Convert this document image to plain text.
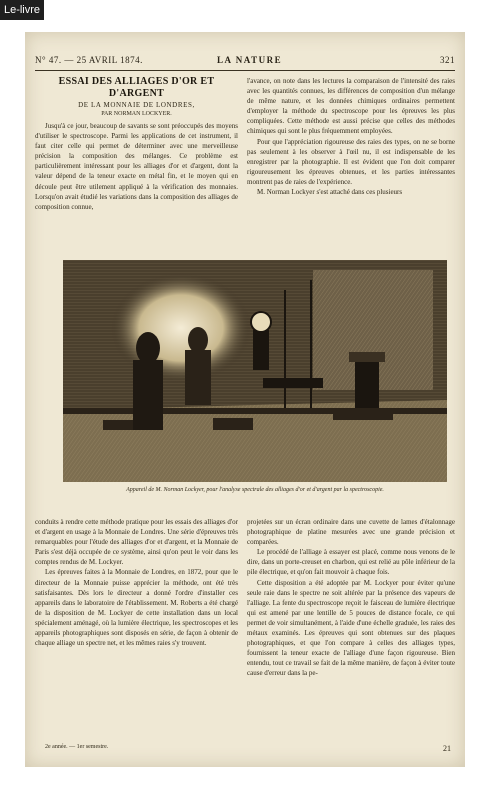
Le-livre
N° 47. — 25 AVRIL 1874.	LA NATURE	321
ESSAI DES ALLIAGES D'OR ET D'ARGENT
DE LA MONNAIE DE LONDRES,
PAR NORMAN LOCKYER.

Jusqu'à ce jour, beaucoup de savants se sont préoccupés des moyens d'utiliser le spectroscope. Parmi les applications de cet instrument, il faut citer celle qui permet de déterminer avec une merveilleuse précision la composition des mélanges. Ce problème est particulièrement intéressant pour les alliages d'or et d'argent, dont la valeur dépend de la teneur exacte en métal fin, et le moyen qui en découle peut être utilement appliqué à la vérification des monnaies. Lorsqu'on avait étudié les variations dans la composition des alliages de composition connue,

l'avance, on note dans les lectures la comparaison de l'intensité des raies avec les quantités connues, les différences de composition d'un mélange de même nature, et les données chimiques ordinaires permettent d'employer la méthode du spectroscope pour les épreuves les plus compliquées. Cette méthode est aussi précise que celles des méthodes chimiques qui sont le plus fréquemment employées.

Pour que l'appréciation rigoureuse des raies des types, on ne se borne pas seulement à les observer à l'œil nu, il est indispensable de les enregistrer par la photographie. Il est évident que l'on doit comparer rigoureusement les épreuves obtenues, et les parties intéressantes montrent pas de raies de l'expérience.

M. Norman Lockyer s'est attaché dans ces plusieurs

conduits à rendre cette méthode pratique pour les essais des alliages d'or et d'argent en usage à la Monnaie de Londres. Une série d'épreuves très remarquables pour l'étude des alliages d'or et d'argent, et la Monnaie de Paris s'est déjà occupée de ce système, ainsi qu'on peut le voir dans les comptes rendus de M. Lockyer.

Les épreuves faites à la Monnaie de Londres, en 1872, pour que le directeur de la Monnaie puisse apprécier la méthode, ont été très satisfaisantes. Dès lors le directeur a donné l'ordre d'installer ces appareils dans le laboratoire de l'établissement. M. Roberts a été chargé de la disposition de M. Lockyer de cette installation dans un local spécialement aménagé, où la lumière électrique, les spectroscopes et les appareils photographiques sont disposés en série, de façon à obtenir de chaque alliage un spectre net, et les mêmes raies s'y trouvent.

projetées sur un écran ordinaire dans une cuvette de lames d'étalonnage photographique de platine mesurées avec une grande précision et comparées.

Le procédé de l'alliage à essayer est placé, comme nous venons de le dire, dans un porte-creuset en charbon, qui est relié au pôle inférieur de la pile électrique, et qu'on fait mouvoir à chaque fois.

Cette disposition a été adoptée par M. Lockyer pour éviter qu'une seule raie dans le spectre ne soit altérée par la présence des vapeurs de l'alliage. La fente du spectroscope reçoit le faisceau de lumière électrique qui est amené par une lentille de 5 pouces de distance focale, ce qui permet de voir simultanément, à l'aide d'une échelle graduée, les raies des métaux examinés. Les épreuves qui sont obtenues sur des plaques photographiques, et que l'on compare à celles des alliages types, fournissent la teneur exacte de l'alliage d'une façon rigoureuse. Bien entendu, tout ce travail se fait de la même manière, de façon à éviter toute cause d'erreur dans la pe-

2e année. — 1er semestre.	21
Appareil de M. Norman Lockyer, pour l'analyse spectrale des alliages d'or et d'argent par la spectroscopie.
